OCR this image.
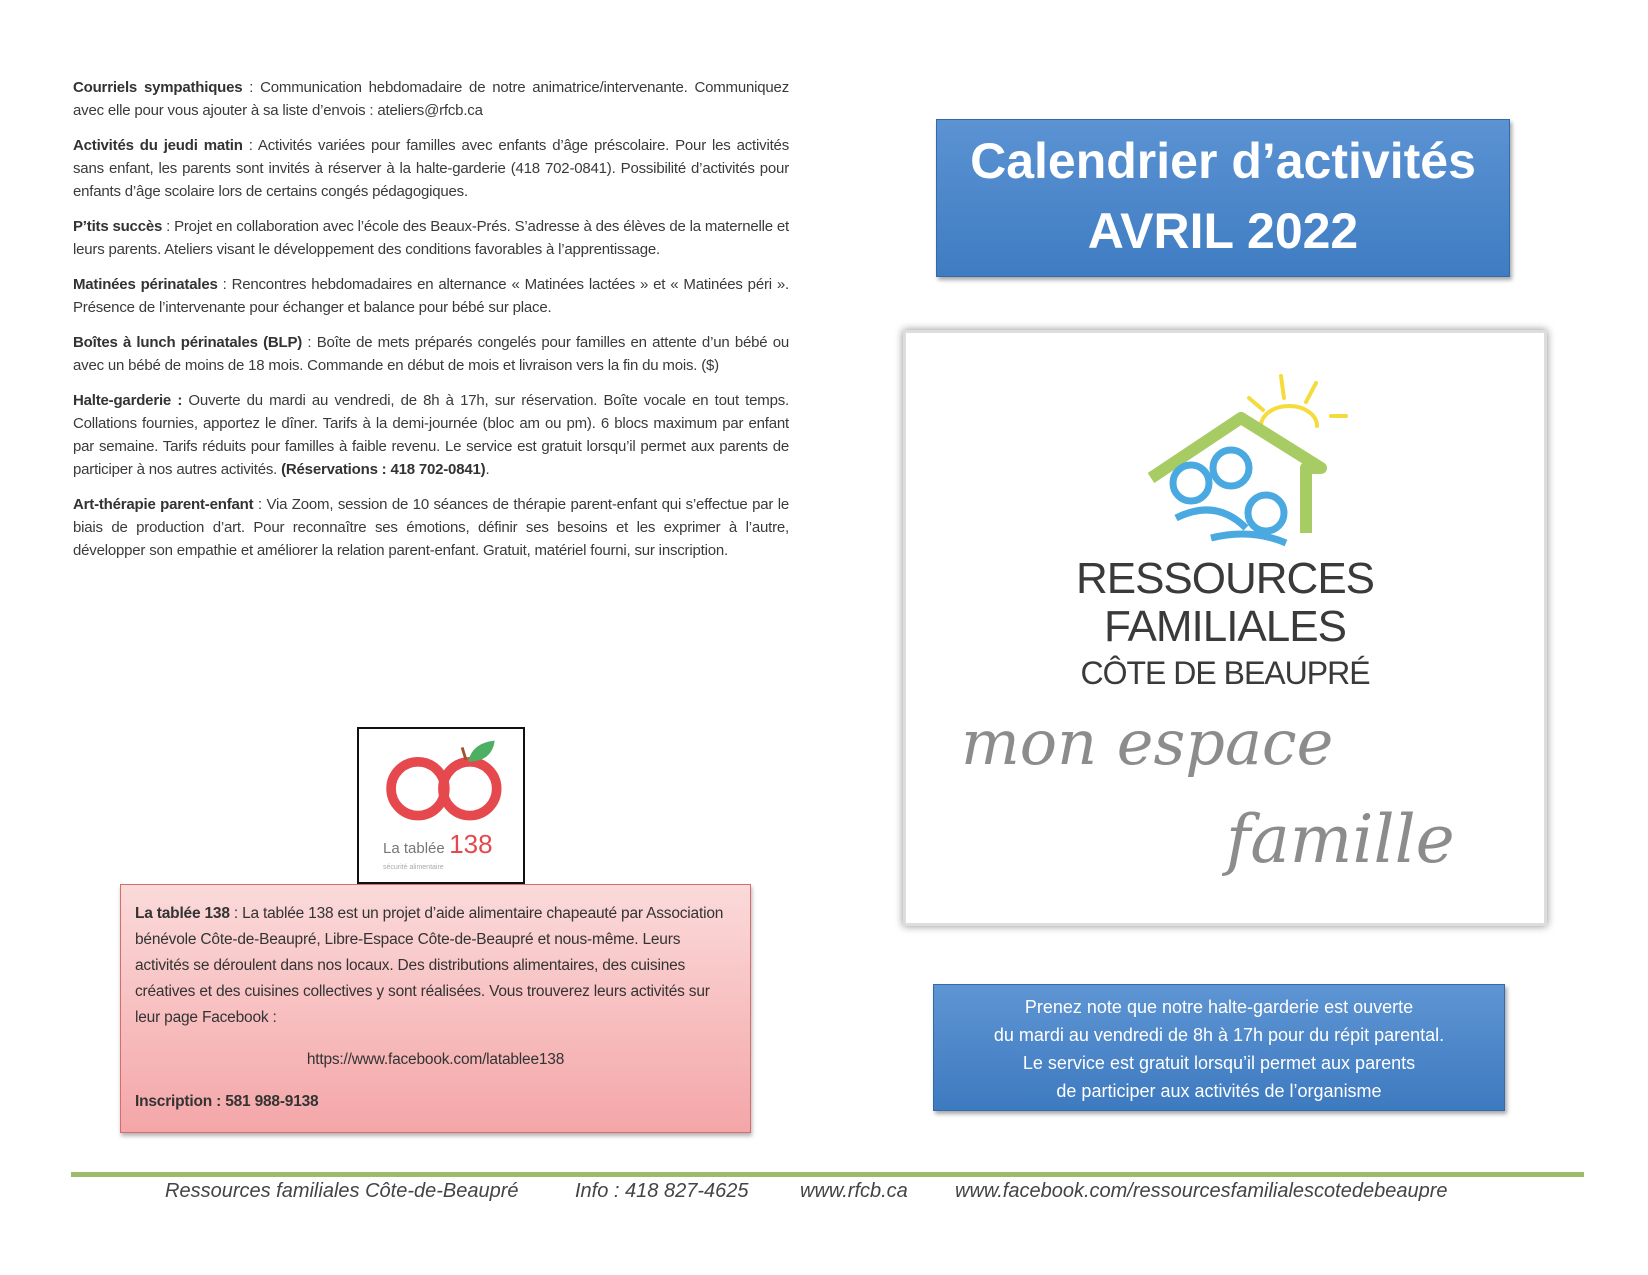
Courriels sympathiques : Communication hebdomadaire de notre animatrice/intervenante. Communiquez avec elle pour vous ajouter à sa liste d’envois : ateliers@rfcb.ca

Activités du jeudi matin : Activités variées pour familles avec enfants d’âge préscolaire. Pour les activités sans enfant, les parents sont invités à réserver à la halte-garderie (418 702-0841). Possibilité d’activités pour enfants d’âge scolaire lors de certains congés pédagogiques.

P’tits succès : Projet en collaboration avec l’école des Beaux-Prés. S’adresse à des élèves de la maternelle et leurs parents. Ateliers visant le développement des conditions favorables à l’apprentissage.

Matinées périnatales : Rencontres hebdomadaires en alternance « Matinées lactées » et « Matinées péri ». Présence de l’intervenante pour échanger et balance pour bébé sur place.

Boîtes à lunch périnatales (BLP) : Boîte de mets préparés congelés pour familles en attente d’un bébé ou avec un bébé de moins de 18 mois. Commande en début de mois et livraison vers la fin du mois. ($)

Halte-garderie : Ouverte du mardi au vendredi, de 8h à 17h, sur réservation. Boîte vocale en tout temps. Collations fournies, apportez le dîner. Tarifs à la demi-journée (bloc am ou pm). 6 blocs maximum par enfant par semaine. Tarifs réduits pour familles à faible revenu. Le service est gratuit lorsqu’il permet aux parents de participer à nos autres activités. (Réservations : 418 702-0841).

Art-thérapie parent-enfant : Via Zoom, session de 10 séances de thérapie parent-enfant qui s’effectue par le biais de production d’art. Pour reconnaître ses émotions, définir ses besoins et les exprimer à l’autre, développer son empathie et améliorer la relation parent-enfant. Gratuit, matériel fourni, sur inscription.

Calendrier d’activités
AVRIL 2022
RESSOURCES
FAMILIALES
CÔTE DE BEAUPRÉ
mon espace
famille
Prenez note que notre halte-garderie est ouverte
du mardi au vendredi de 8h à 17h pour du répit parental.
Le service est gratuit lorsqu’il permet aux parents
de participer aux activités de l’organisme
La tablée 138
sécurité alimentaire
La tablée 138 : La tablée 138 est un projet d’aide alimentaire chapeauté par Association bénévole Côte-de-Beaupré, Libre-Espace Côte-de-Beaupré et nous-même. Leurs activités se déroulent dans nos locaux. Des distributions alimentaires, des cuisines créatives et des cuisines collectives y sont réalisées. Vous trouverez leurs activités sur leur page Facebook :
https://www.facebook.com/latablee138
Inscription : 581 988-9138
Ressources familiales Côte-de-Beaupré	Info : 418 827-4625	www.rfcb.ca www.facebook.com/ressourcesfamilialescotedebeaupre
